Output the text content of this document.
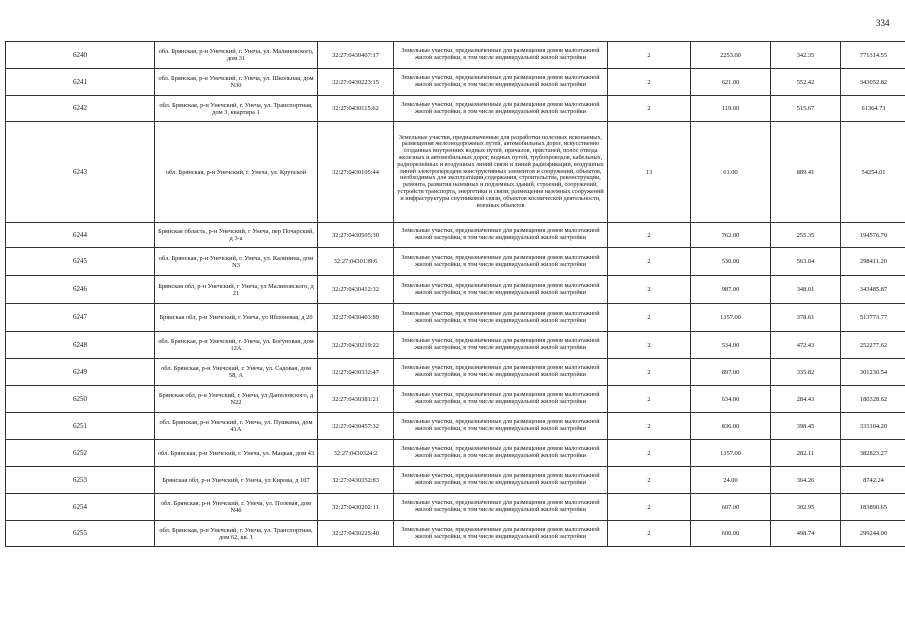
334
6240	обл. Брянская, р-н Унечский, г. Унеча, ул. Малиновского, дом 31	32:27:0430407:17	Земельные участки, предназначенные для размещения домов малоэтажной жилой застройки, в том числе индивидуальной жилой застройки	2	2253.00	342.35	771314.55
6241	обл. Брянская, р-н Унечский, г. Унеча, ул. Школьная, дом N30	32:27:0430223:15	Земельные участки, предназначенные для размещения домов малоэтажной жилой застройки, в том числе индивидуальной жилой застройки	2	621.00	552.42	343052.82
6242	обл. Брянская, р-н Унечский, г. Унеча, ул. Транспортная, дом 3, квартира 1	32:27:0430115:62	Земельные участки, предназначенные для размещения домов малоэтажной жилой застройки, в том числе индивидуальной жилой застройки	2	119.00	515.67	61364.73
6243	обл. Брянская, р-н Унечский, г. Унеча, ул. Крупской	32:27:0430105:44	Земельные участки, предназначенные для разработки полезных ископаемых, размещения железнодорожных путей, автомобильных дорог, искусственно созданных внутренних водных путей, причалов, пристаней, полос отвода железных и автомобильных дорог, водных путей, трубопроводов, кабельных, радиорелейных и воздушных линий связи и линий радиофикации, воздушных линий электропередачи конструктивных элементов и сооружений, объектов, необходимых для эксплуатации,содержания, строительства, реконструкции, ремонта, развития наземных и подземных зданий, строений, сооружений, устройств транспорта, энергетики и связи; размещения наземных сооружений и инфраструктуры спутниковой связи, объектов космической деятельности, военных объектов	13	61.00	889.41	54254.01
6244	Брянская область, р-н Унечский, г Унеча, пер Почарский, д 3-а	32:27:0430505:30	Земельные участки, предназначенные для размещения домов малоэтажной жилой застройки, в том числе индивидуальной жилой застройки	2	762.00	255.35	194576.70
6245	обл. Брянская, р-н Унечский, г. Унеча, ул. Калинина, дом N3	32:27:0430139:6	Земельные участки, предназначенные для размещения домов малоэтажной жилой застройки, в том числе индивидуальной жилой застройки	2	530.00	563.04	298411.20
6246	Брянская обл, р-н Унечский, г Унеча, ул Малиновского, д 21	32:27:0430412:32	Земельные участки, предназначенные для размещения домов малоэтажной жилой застройки, в том числе индивидуальной жилой застройки	2	987.00	348.01	343485.87
6247	Брянская обл, р-н Унечский, г Унеча, ул Яблоневая, д 20	32:27:0430403:89	Земельные участки, предназначенные для размещения домов малоэтажной жилой застройки, в том числе индивидуальной жилой застройки	2	1357.00	378.61	513773.77
6248	обл. Брянская, р-н Унечский, г. Унеча, ул. Богуновая, дом 12А	32:27:0430219:22	Земельные участки, предназначенные для размещения домов малоэтажной жилой застройки, в том числе индивидуальной жилой застройки	2	534.00	472.43	252277.62
6249	обл. Брянская, р-н Унечский, г. Унеча, ул. Садовая, дом 58, А	32:27:0430332:47	Земельные участки, предназначенные для размещения домов малоэтажной жилой застройки, в том числе индивидуальной жилой застройки	2	897.00	335.82	301230.54
6250	Брянская обл, р-н Унечский, г Унеча, ул Даниловского, д N22	32:27:0430381:21	Земельные участки, предназначенные для размещения домов малоэтажной жилой застройки, в том числе индивидуальной жилой застройки	2	634.00	284.43	180328.62
6251	обл. Брянская, р-н Унечский, г. Унеча, ул. Пушкина, дом 41А	32:27:0430457:32	Земельные участки, предназначенные для размещения домов малоэтажной жилой застройки, в том числе индивидуальной жилой застройки	2	836.00	398.45	333104.20
6252	обл. Брянская, р-н Унечский, г. Унеча, ул. Мацкая, дом 43	32:27:0430324:2	Земельные участки, предназначенные для размещения домов малоэтажной жилой застройки, в том числе индивидуальной жилой застройки	2	1357.00	282.11	382823.27
6253	Брянская обл, р-н Унечский, г Унеча, ул Кирова, д 107	32:27:0430352:83	Земельные участки, предназначенные для размещения домов малоэтажной жилой застройки, в том числе индивидуальной жилой застройки	2	24.00	364.26	8742.24
6254	обл. Брянская, р-н Унечский, г. Унеча, ул. Полевая, дом N4б	32:27:0430202:11	Земельные участки, предназначенные для размещения домов малоэтажной жилой застройки, в том числе индивидуальной жилой застройки	2	607.00	302.95	183890.65
6255	обл. Брянская, р-н Унечский, г. Унеча, ул. Транспортная, дом 62, кв. 1	32:27:0430225:40	Земельные участки, предназначенные для размещения домов малоэтажной жилой застройки, в том числе индивидуальной жилой застройки	2	600.00	498.74	299244.00
